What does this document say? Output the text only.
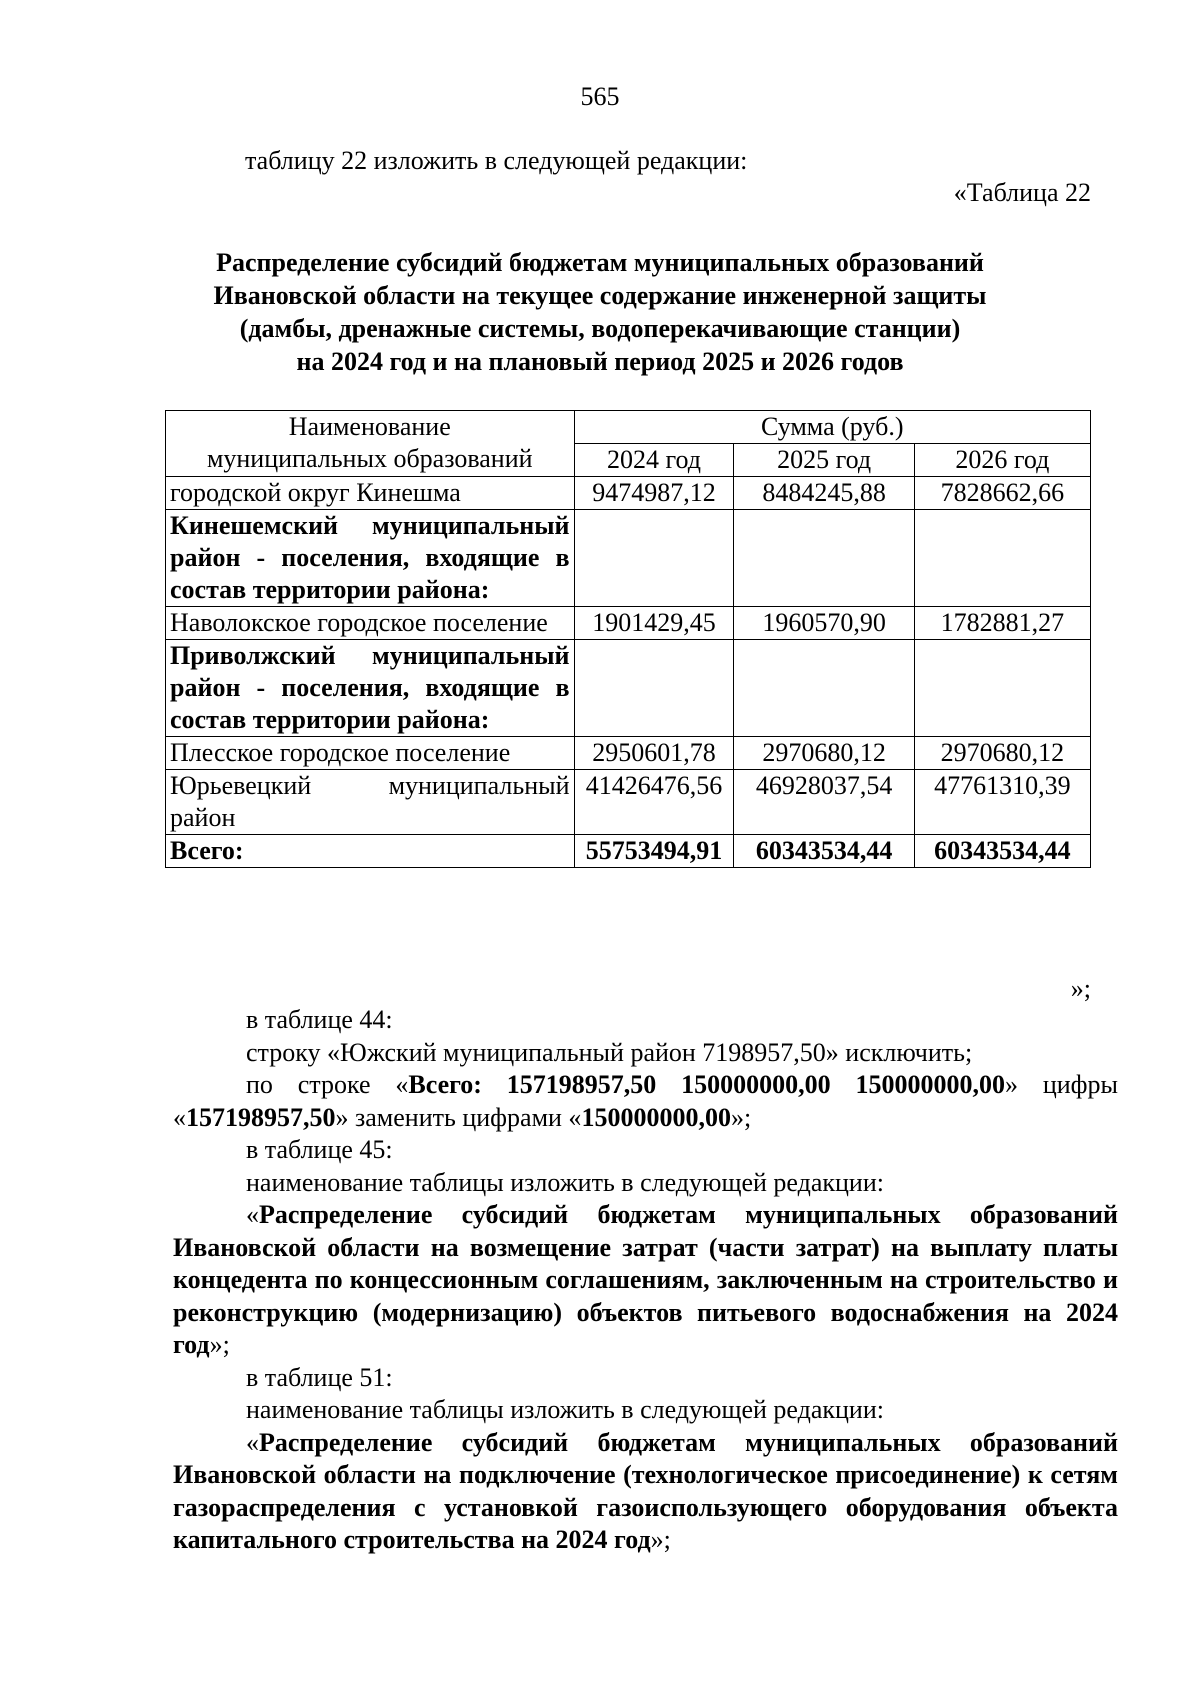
565
таблицу 22 изложить в следующей редакции:
«Таблица 22
Распределение субсидий бюджетам муниципальных образований
Ивановской области на текущее содержание инженерной защиты
(дамбы, дренажные системы, водоперекачивающие станции)
на 2024 год и на плановый период 2025 и 2026 годов
Наименование
муниципальных образований	Сумма (руб.)		
	2024 год	2025 год	2026 год
городской округ Кинешма	9474987,12	8484245,88	7828662,66
Кинешемский муниципальный район - поселения, входящие в состав территории района:			
Наволокское городское поселение	1901429,45	1960570,90	1782881,27
Приволжский муниципальный район - поселения, входящие в состав территории района:			
Плесское городское поселение	2950601,78	2970680,12	2970680,12
Юрьевецкий муниципальный район	41426476,56	46928037,54	47761310,39
Всего:	55753494,91	60343534,44	60343534,44
»;

в таблице 44:

строку «Южский муниципальный район 7198957,50» исключить;

по строке «Всего: 157198957,50 150000000,00 150000000,00» цифры «157198957,50» заменить цифрами «150000000,00»;

в таблице 45:

наименование таблицы изложить в следующей редакции:

«Распределение субсидий бюджетам муниципальных образований Ивановской области на возмещение затрат (части затрат) на выплату платы концедента по концессионным соглашениям, заключенным на строительство и реконструкцию (модернизацию) объектов питьевого водоснабжения на 2024 год»;

в таблице 51:

наименование таблицы изложить в следующей редакции:

«Распределение субсидий бюджетам муниципальных образований Ивановской области на подключение (технологическое присоединение) к сетям газораспределения с установкой газоиспользующего оборудования объекта капитального строительства на 2024 год»;
